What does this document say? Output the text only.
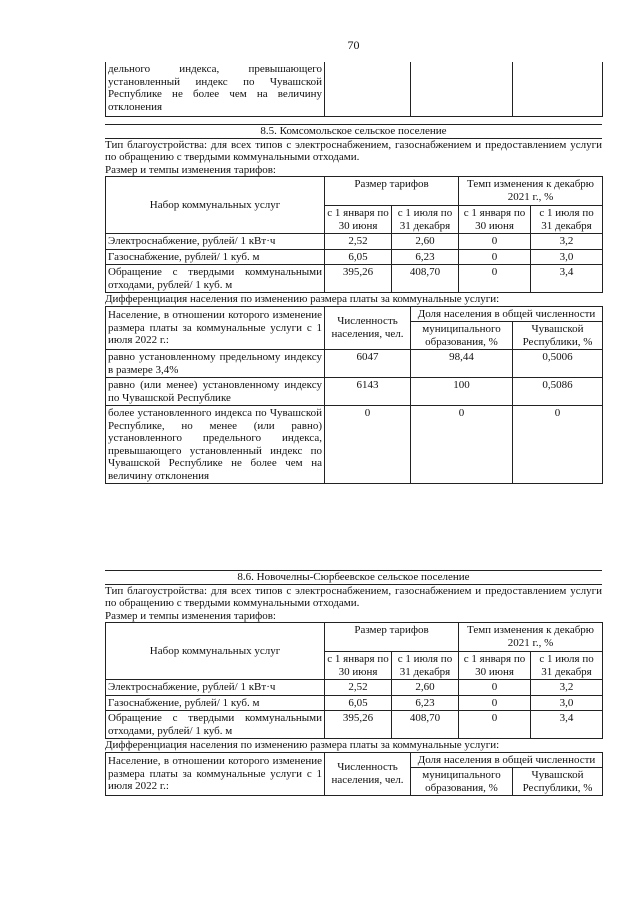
70
дельного индекса, превышающего установленный индекс по Чувашской Республике не более чем на величину отклонения			
8.5. Комсомольское сельское поселение
Тип благоустройства: для всех типов с электроснабжением, газоснабжением и предоставлением услуги по обращению с твердыми коммунальными отходами.
Размер и темпы изменения тарифов:
Набор коммунальных услуг	Размер тарифов		Темп изменения к декабрю 2021 г., %	
	с 1 января по 30 июня	с 1 июля по 31 декабря	с 1 января по 30 июня	с 1 июля по 31 декабря
Электроснабжение, рублей/ 1 кВт·ч	2,52	2,60	0	3,2
Газоснабжение, рублей/ 1 куб. м	6,05	6,23	0	3,0
Обращение с твердыми коммунальными отходами, рублей/ 1 куб. м	395,26	408,70	0	3,4
Дифференциация населения по изменению размера платы за коммунальные услуги:
Население, в отношении которого изменение размера платы за коммунальные услуги с 1 июля 2022 г.:	Численность населения, чел.	Доля населения в общей численности	
		муниципального образования, %	Чувашской Республики, %
равно установленному предельному индексу в размере 3,4%	6047	98,44	0,5006
равно (или менее) установленному индексу по Чувашской Республике	6143	100	0,5086
более установленного индекса по Чувашской Республике, но менее (или равно) установленного предельного индекса, превышающего установленный индекс по Чувашской Республике не более чем на величину отклонения	0	0	0
8.6. Новочелны-Сюрбеевское сельское поселение
Тип благоустройства: для всех типов с электроснабжением, газоснабжением и предоставлением услуги по обращению с твердыми коммунальными отходами.
Размер и темпы изменения тарифов:
Набор коммунальных услуг	Размер тарифов		Темп изменения к декабрю 2021 г., %	
	с 1 января по 30 июня	с 1 июля по 31 декабря	с 1 января по 30 июня	с 1 июля по 31 декабря
Электроснабжение, рублей/ 1 кВт·ч	2,52	2,60	0	3,2
Газоснабжение, рублей/ 1 куб. м	6,05	6,23	0	3,0
Обращение с твердыми коммунальными отходами, рублей/ 1 куб. м	395,26	408,70	0	3,4
Дифференциация населения по изменению размера платы за коммунальные услуги:
Население, в отношении которого изменение размера платы за коммунальные услуги с 1 июля 2022 г.:	Численность населения, чел.	Доля населения в общей численности	
		муниципального образования, %	Чувашской Республики, %
